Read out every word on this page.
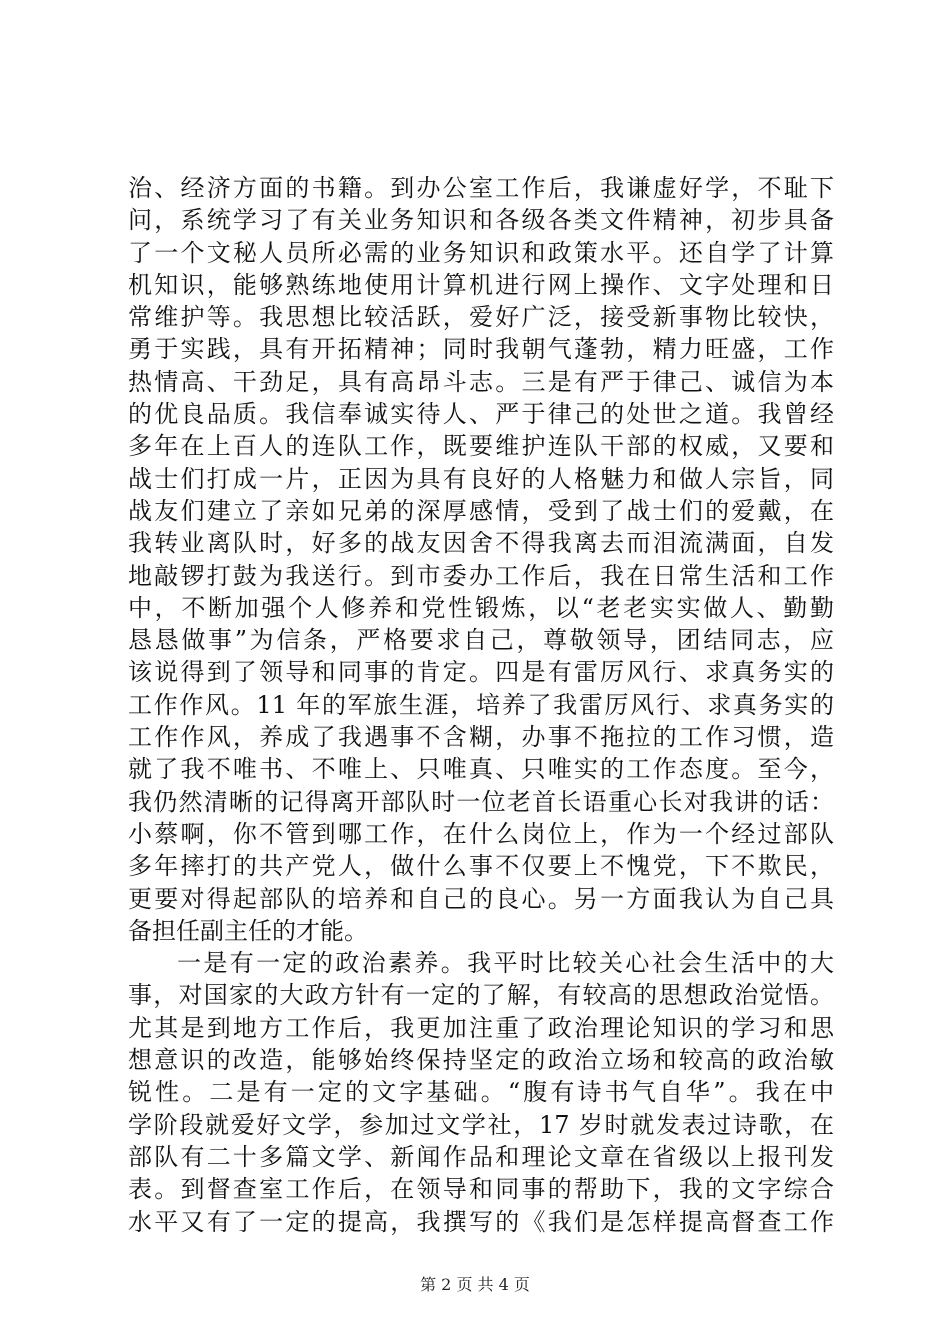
治、经济方面的书籍。到办公室工作后，我谦虚好学，不耻下
问，系统学习了有关业务知识和各级各类文件精神，初步具备
了一个文秘人员所必需的业务知识和政策水平。还自学了计算
机知识，能够熟练地使用计算机进行网上操作、文字处理和日
常维护等。我思想比较活跃，爱好广泛，接受新事物比较快，
勇于实践，具有开拓精神；同时我朝气蓬勃，精力旺盛，工作
热情高、干劲足，具有高昂斗志。三是有严于律己、诚信为本
的优良品质。我信奉诚实待人、严于律己的处世之道。我曾经
多年在上百人的连队工作，既要维护连队干部的权威，又要和
战士们打成一片，正因为具有良好的人格魅力和做人宗旨，同
战友们建立了亲如兄弟的深厚感情，受到了战士们的爱戴，在
我转业离队时，好多的战友因舍不得我离去而泪流满面，自发
地敲锣打鼓为我送行。到市委办工作后，我在日常生活和工作
中，不断加强个人修养和党性锻炼，以“老老实实做人、勤勤
恳恳做事”为信条，严格要求自己，尊敬领导，团结同志，应
该说得到了领导和同事的肯定。四是有雷厉风行、求真务实的
工作作风。11 年的军旅生涯，培养了我雷厉风行、求真务实的
工作作风，养成了我遇事不含糊，办事不拖拉的工作习惯，造
就了我不唯书、不唯上、只唯真、只唯实的工作态度。至今，
我仍然清晰的记得离开部队时一位老首长语重心长对我讲的话：
小蔡啊，你不管到哪工作，在什么岗位上，作为一个经过部队
多年摔打的共产党人，做什么事不仅要上不愧党，下不欺民，
更要对得起部队的培养和自己的良心。另一方面我认为自己具
备担任副主任的才能。
一是有一定的政治素养。我平时比较关心社会生活中的大
事，对国家的大政方针有一定的了解，有较高的思想政治觉悟。
尤其是到地方工作后，我更加注重了政治理论知识的学习和思
想意识的改造，能够始终保持坚定的政治立场和较高的政治敏
锐性。二是有一定的文字基础。“腹有诗书气自华”。我在中
学阶段就爱好文学，参加过文学社，17 岁时就发表过诗歌，在
部队有二十多篇文学、新闻作品和理论文章在省级以上报刊发
表。到督查室工作后，在领导和同事的帮助下，我的文字综合
水平又有了一定的提高，我撰写的《我们是怎样提高督查工作
第 2 页 共 4 页
